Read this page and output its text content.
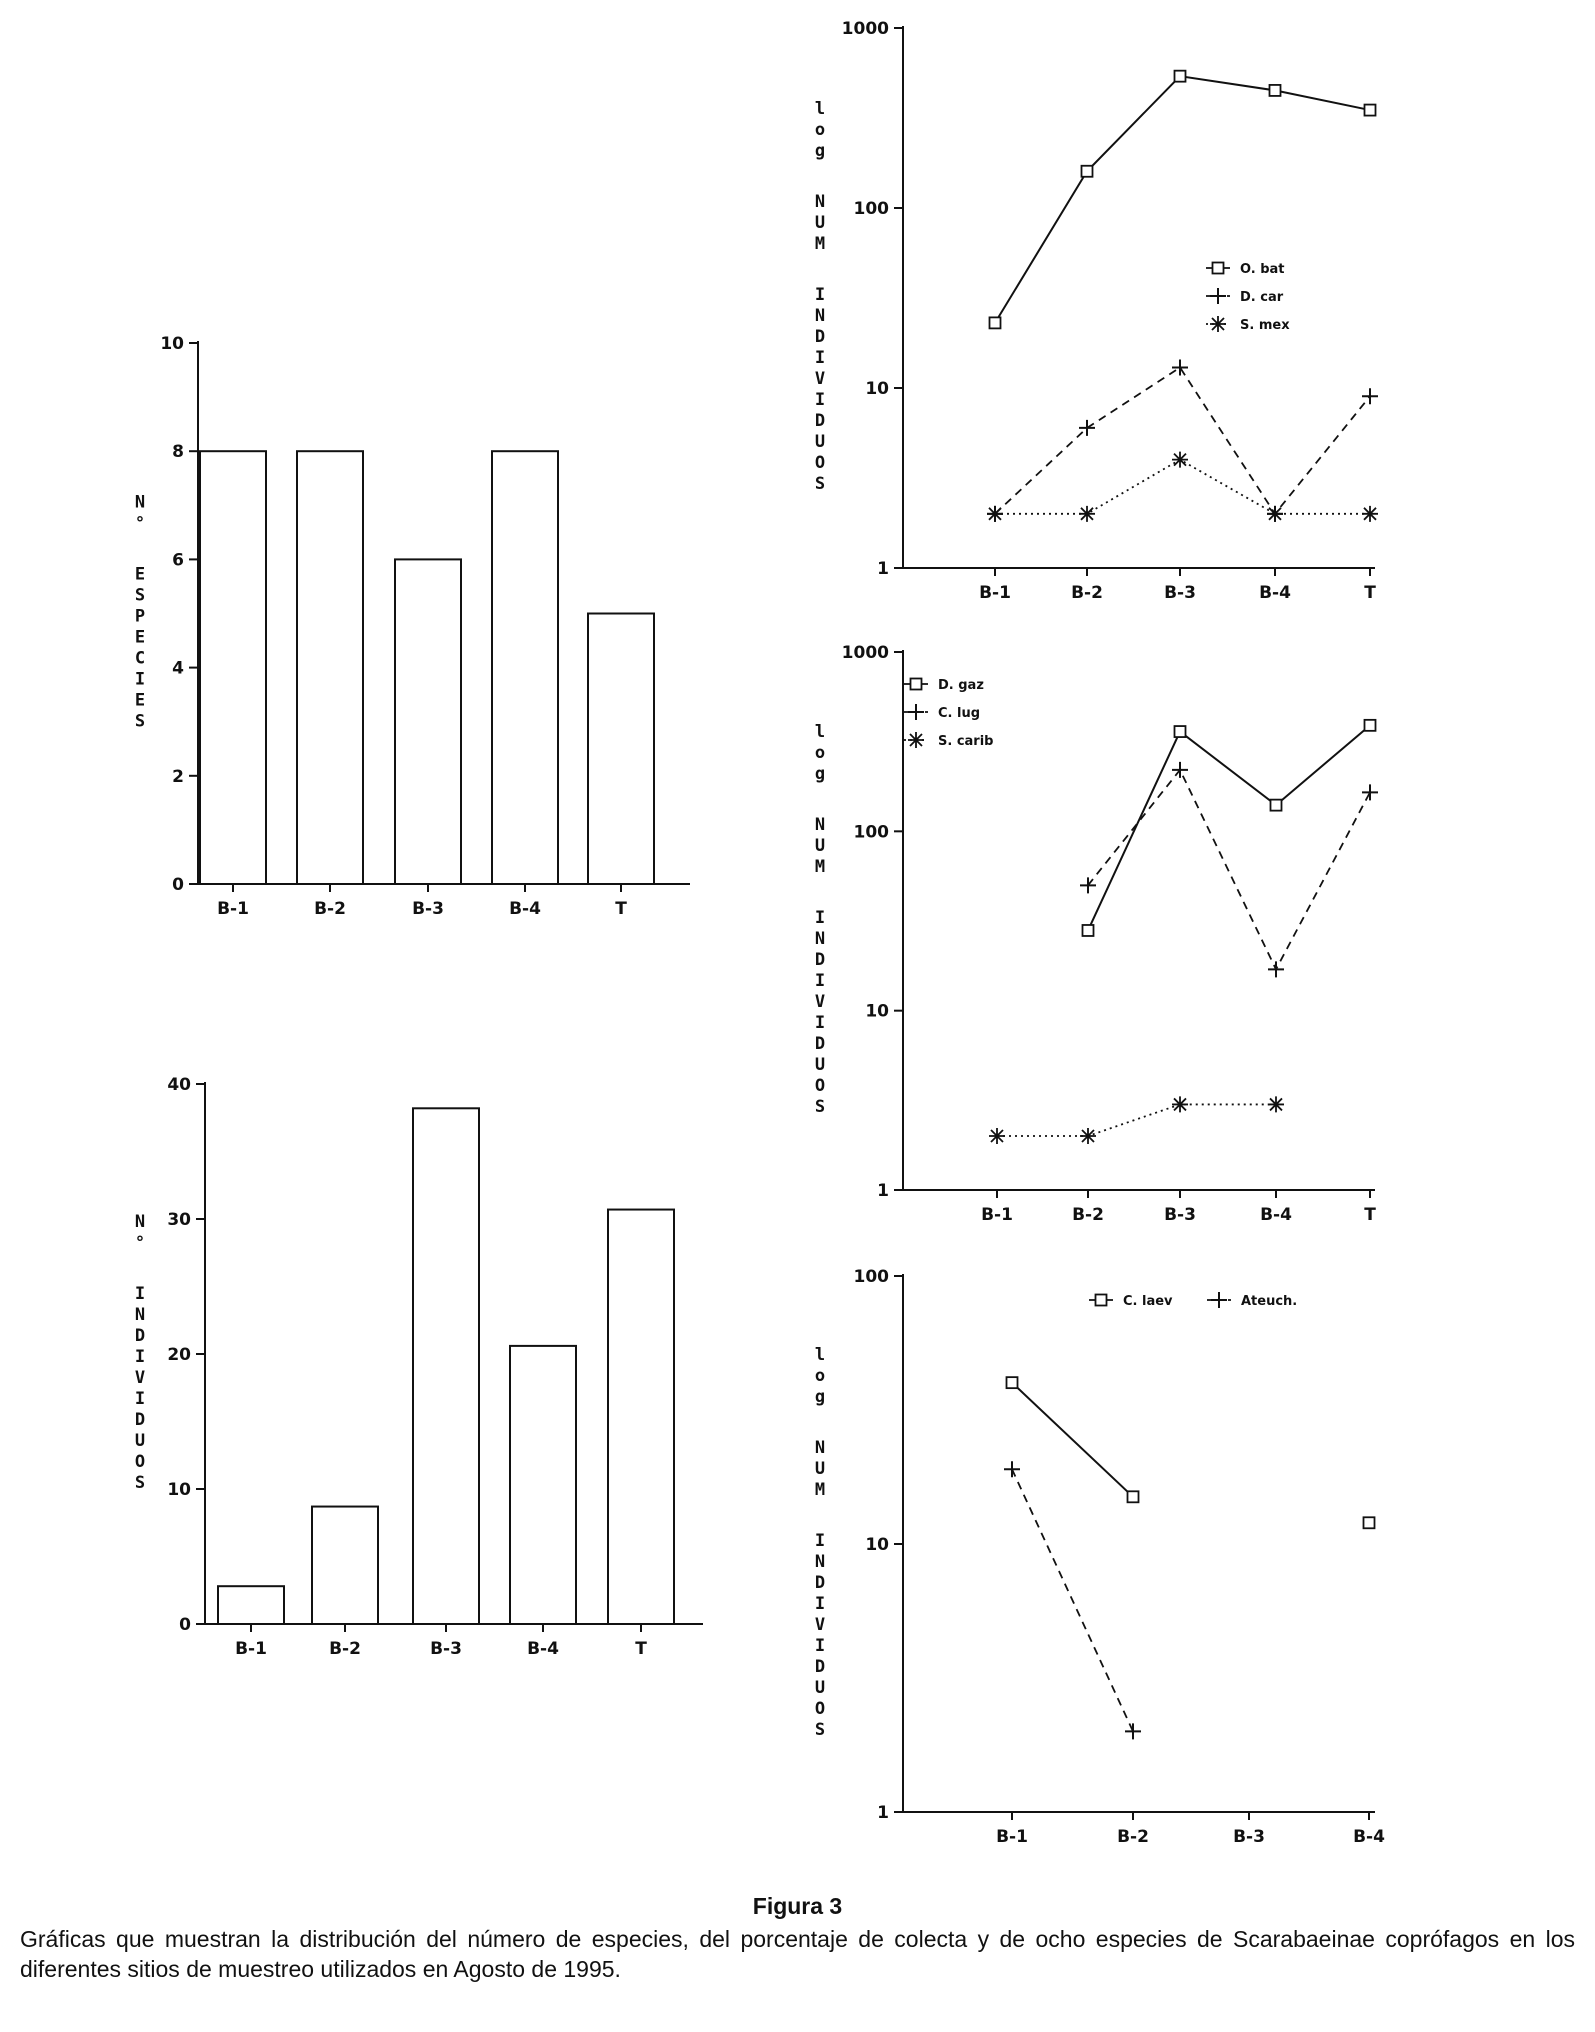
0
2
4
6
8
10
B-1	B-2	B-3	B-4	T
N
°
E
S
P
E
C
I
E
S
0
10
20
30
40
B-1	B-2	B-3	B-4	T
N
°
I
N
D
I
V
I
D
U
O
S
1
10
100
1000
B-1	B-2	B-3	B-4	T
l
o
g
N
U
M
I
N
D
I
V
I
D
U
O
S
O. bat
D. car
S. mex
1
10
100
1000
B-1	B-2	B-3	B-4	T
l
o
g
N
U
M
I
N
D
I
V
I
D
U
O
S
D. gaz
C. lug
S. carib
1
10
100
B-1	B-2	B-3	B-4
l
o
g
N
U
M
I
N
D
I
V
I
D
U
O
S
C. laev	Ateuch.
Figura 3
Gráficas que muestran la distribución del número de especies, del porcentaje de colecta y de ocho especies de Scarabaeinae coprófagos en los diferentes sitios de muestreo utilizados en Agosto de 1995.
